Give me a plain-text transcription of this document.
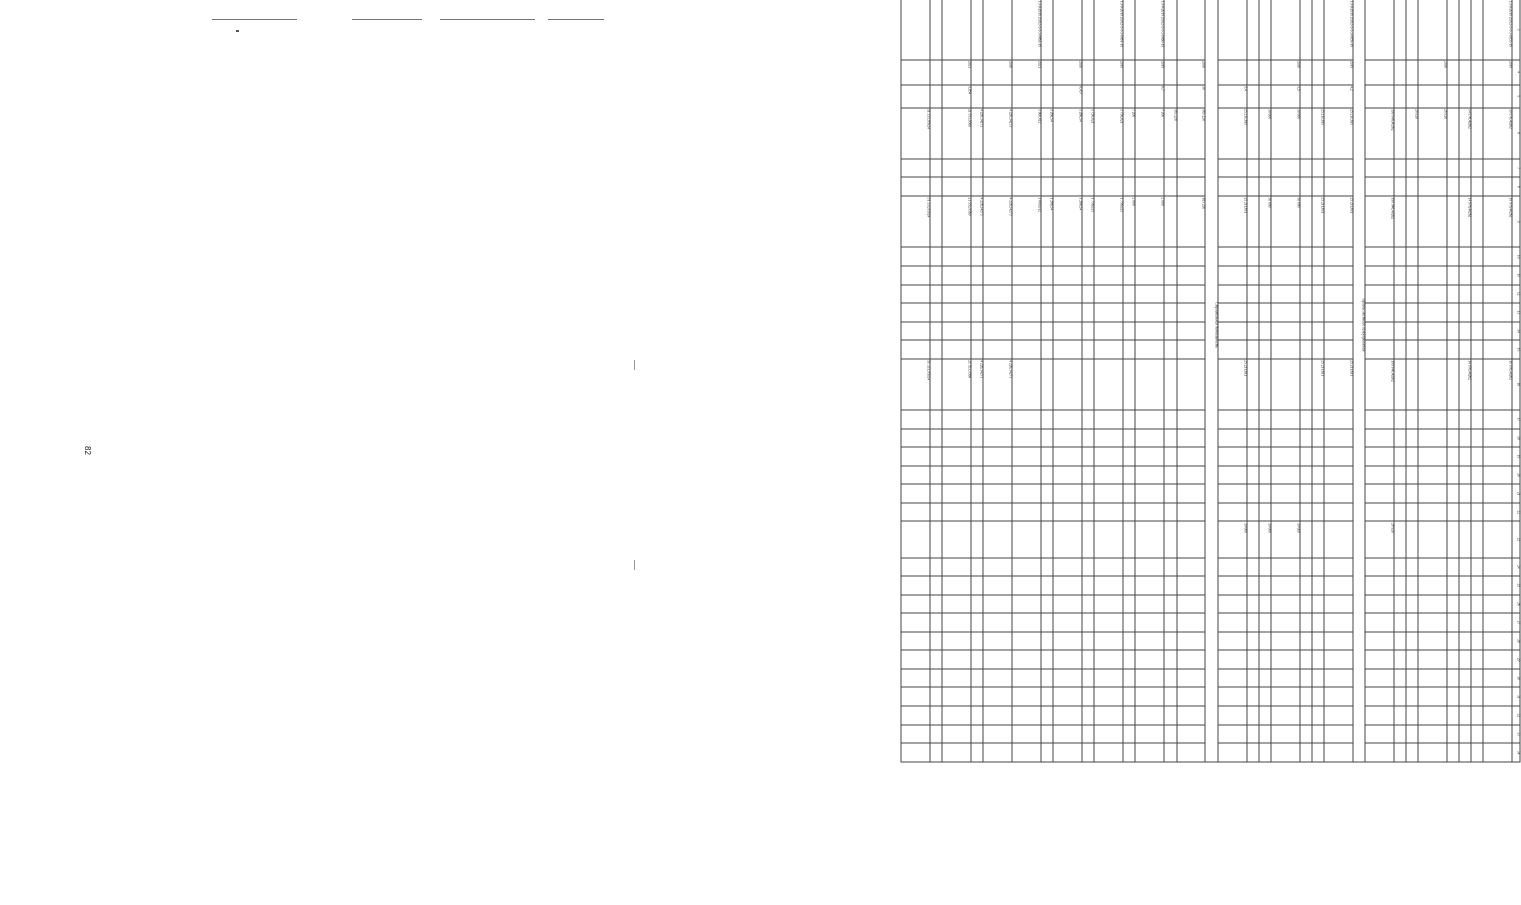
82
		3	4	5	6	7	8	9	10	11	12	13	14	15	16	17	18	19	20	21	22	23	24	25	26	27	28	29	30	31	32	33	34
		13-0-2019 20.02-1-1-3-0055-19	2019		19 976,40262			19 976,40262							19 976,40262																		

					14 976,40262			14 976,40262							14 976,40262																		

			2020		28 920																												
					28 920																												

					199 946,40262			199 946,40262							199 946,40262							28 920											
Органы местного самоуправления																																	
		13-0-2019 20.02-1-1-3-0059-19	2019	4,2	25 211,611			25 211,611							25 211,611																		
					25 211,611			25 211,611							25 211,611																		

			2020	1,5	30 000			30 000														30 000											
					30 000			30 000														30 000											

				1,4	25 211,611			25 211,611							25 211,611							30 000											
Строительная деятельность																																	
			2020	30	183 220			183 220																									
					183 220																												
		13-0-2019 20.02-1-1-3-0060-19	2019	0,7	7 200			2 000																									
					7 200			2 000																									
		13-0-2019 20.02-1-1-3-0061-19	2019		1 756,021			1 756,021																									
					1 756,021			1 756,021																									
			2020	0,457	1 266,54			1 266,54																									
					1 266,54			1 266,54																									
		13-0-2019 20.02-1-1-3-0062-19	2021		1 000,012			1 000,012																									
			2020		4 226,34273			4 226,34273							4 226,34273																		
					4 226,34273			4 226,34273							4 226,34273																		
			2021	1,054	21 553,9569			21 553,9569							21 553,9569																		

					51 333,95924			51 333,95924							51 333,95924																		
